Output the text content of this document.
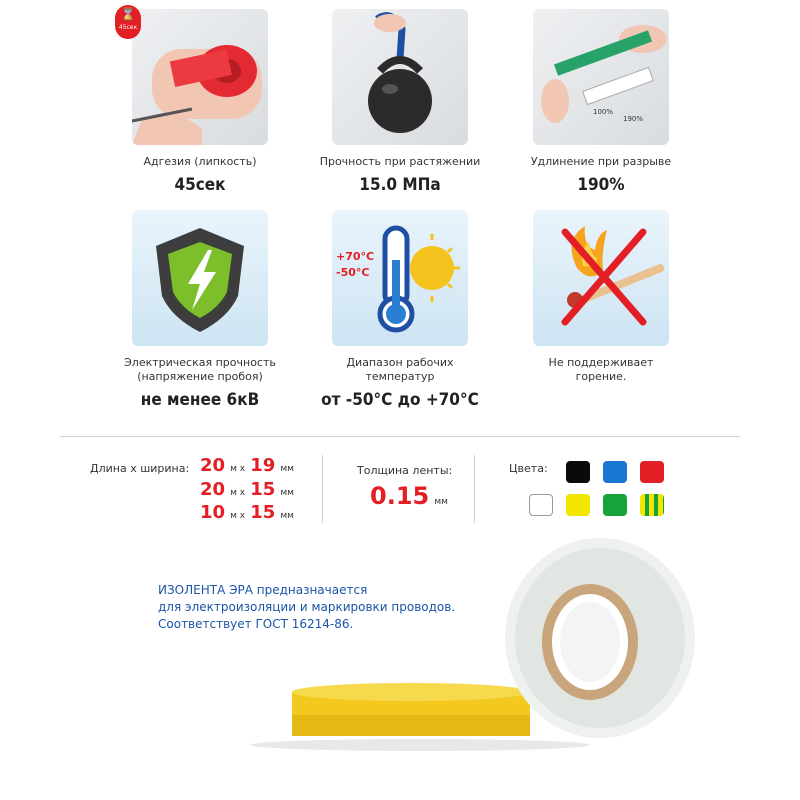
⌛
45сек
Адгезия (липкость)
45сек
Прочность при растяжении
15.0 МПа
100%
190%
Удлинение при разрыве
190%
Электрическая прочность
(напряжение пробоя)
не менее 6кВ
+70°C
-50°C
Диапазон рабочих
температур
от -50°С до +70°С
Не поддерживает
горение.
Длина х ширина: 20 м х 19 мм
20 м х 15 мм
10 м х 15 мм
Толщина ленты:
0.15 мм
Цвета:
ИЗОЛЕНТА ЭРА предназначается
для электроизоляции и маркировки проводов.
Соответствует ГОСТ 16214-86.
